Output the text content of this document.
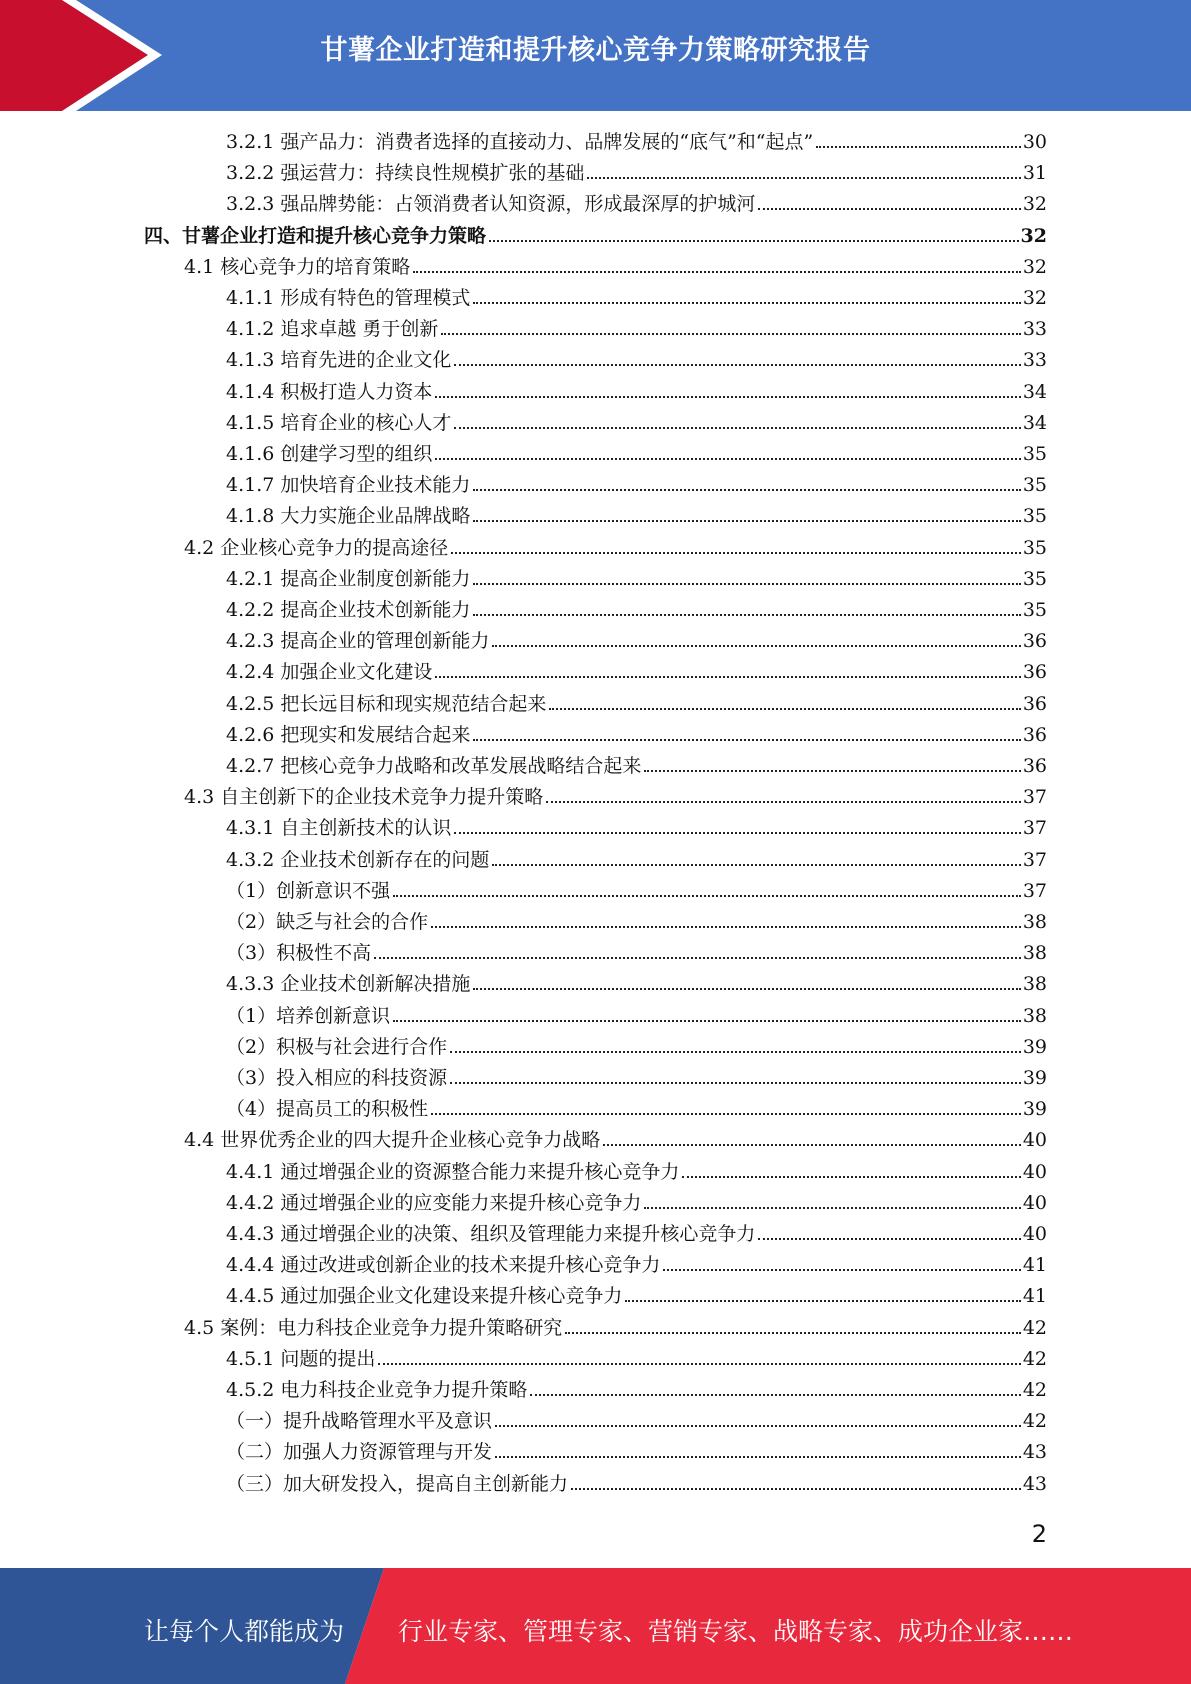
甘薯企业打造和提升核心竞争力策略研究报告
3.2.1 强产品力：消费者选择的直接动力、品牌发展的“底气”和“起点”	30
3.2.2 强运营力：持续良性规模扩张的基础	31
3.2.3 强品牌势能：占领消费者认知资源，形成最深厚的护城河	32
四、甘薯企业打造和提升核心竞争力策略	32
4.1 核心竞争力的培育策略	32
4.1.1 形成有特色的管理模式	32
4.1.2 追求卓越 勇于创新	33
4.1.3 培育先进的企业文化	33
4.1.4 积极打造人力资本	34
4.1.5 培育企业的核心人才	34
4.1.6 创建学习型的组织	35
4.1.7 加快培育企业技术能力	35
4.1.8 大力实施企业品牌战略	35
4.2 企业核心竞争力的提高途径	35
4.2.1 提高企业制度创新能力	35
4.2.2 提高企业技术创新能力	35
4.2.3 提高企业的管理创新能力	36
4.2.4 加强企业文化建设	36
4.2.5 把长远目标和现实规范结合起来	36
4.2.6 把现实和发展结合起来	36
4.2.7 把核心竞争力战略和改革发展战略结合起来	36
4.3 自主创新下的企业技术竞争力提升策略	37
4.3.1 自主创新技术的认识	37
4.3.2 企业技术创新存在的问题	37
（1）创新意识不强	37
（2）缺乏与社会的合作	38
（3）积极性不高	38
4.3.3 企业技术创新解决措施	38
（1）培养创新意识	38
（2）积极与社会进行合作	39
（3）投入相应的科技资源	39
（4）提高员工的积极性	39
4.4 世界优秀企业的四大提升企业核心竞争力战略	40
4.4.1 通过增强企业的资源整合能力来提升核心竞争力	40
4.4.2 通过增强企业的应变能力来提升核心竞争力	40
4.4.3 通过增强企业的决策、组织及管理能力来提升核心竞争力	40
4.4.4 通过改进或创新企业的技术来提升核心竞争力	41
4.4.5 通过加强企业文化建设来提升核心竞争力	41
4.5 案例：电力科技企业竞争力提升策略研究	42
4.5.1 问题的提出	42
4.5.2 电力科技企业竞争力提升策略	42
（一）提升战略管理水平及意识	42
（二）加强人力资源管理与开发	43
（三）加大研发投入，提高自主创新能力	43
2
让每个人都能成为 行业专家、管理专家、营销专家、战略专家、成功企业家……
